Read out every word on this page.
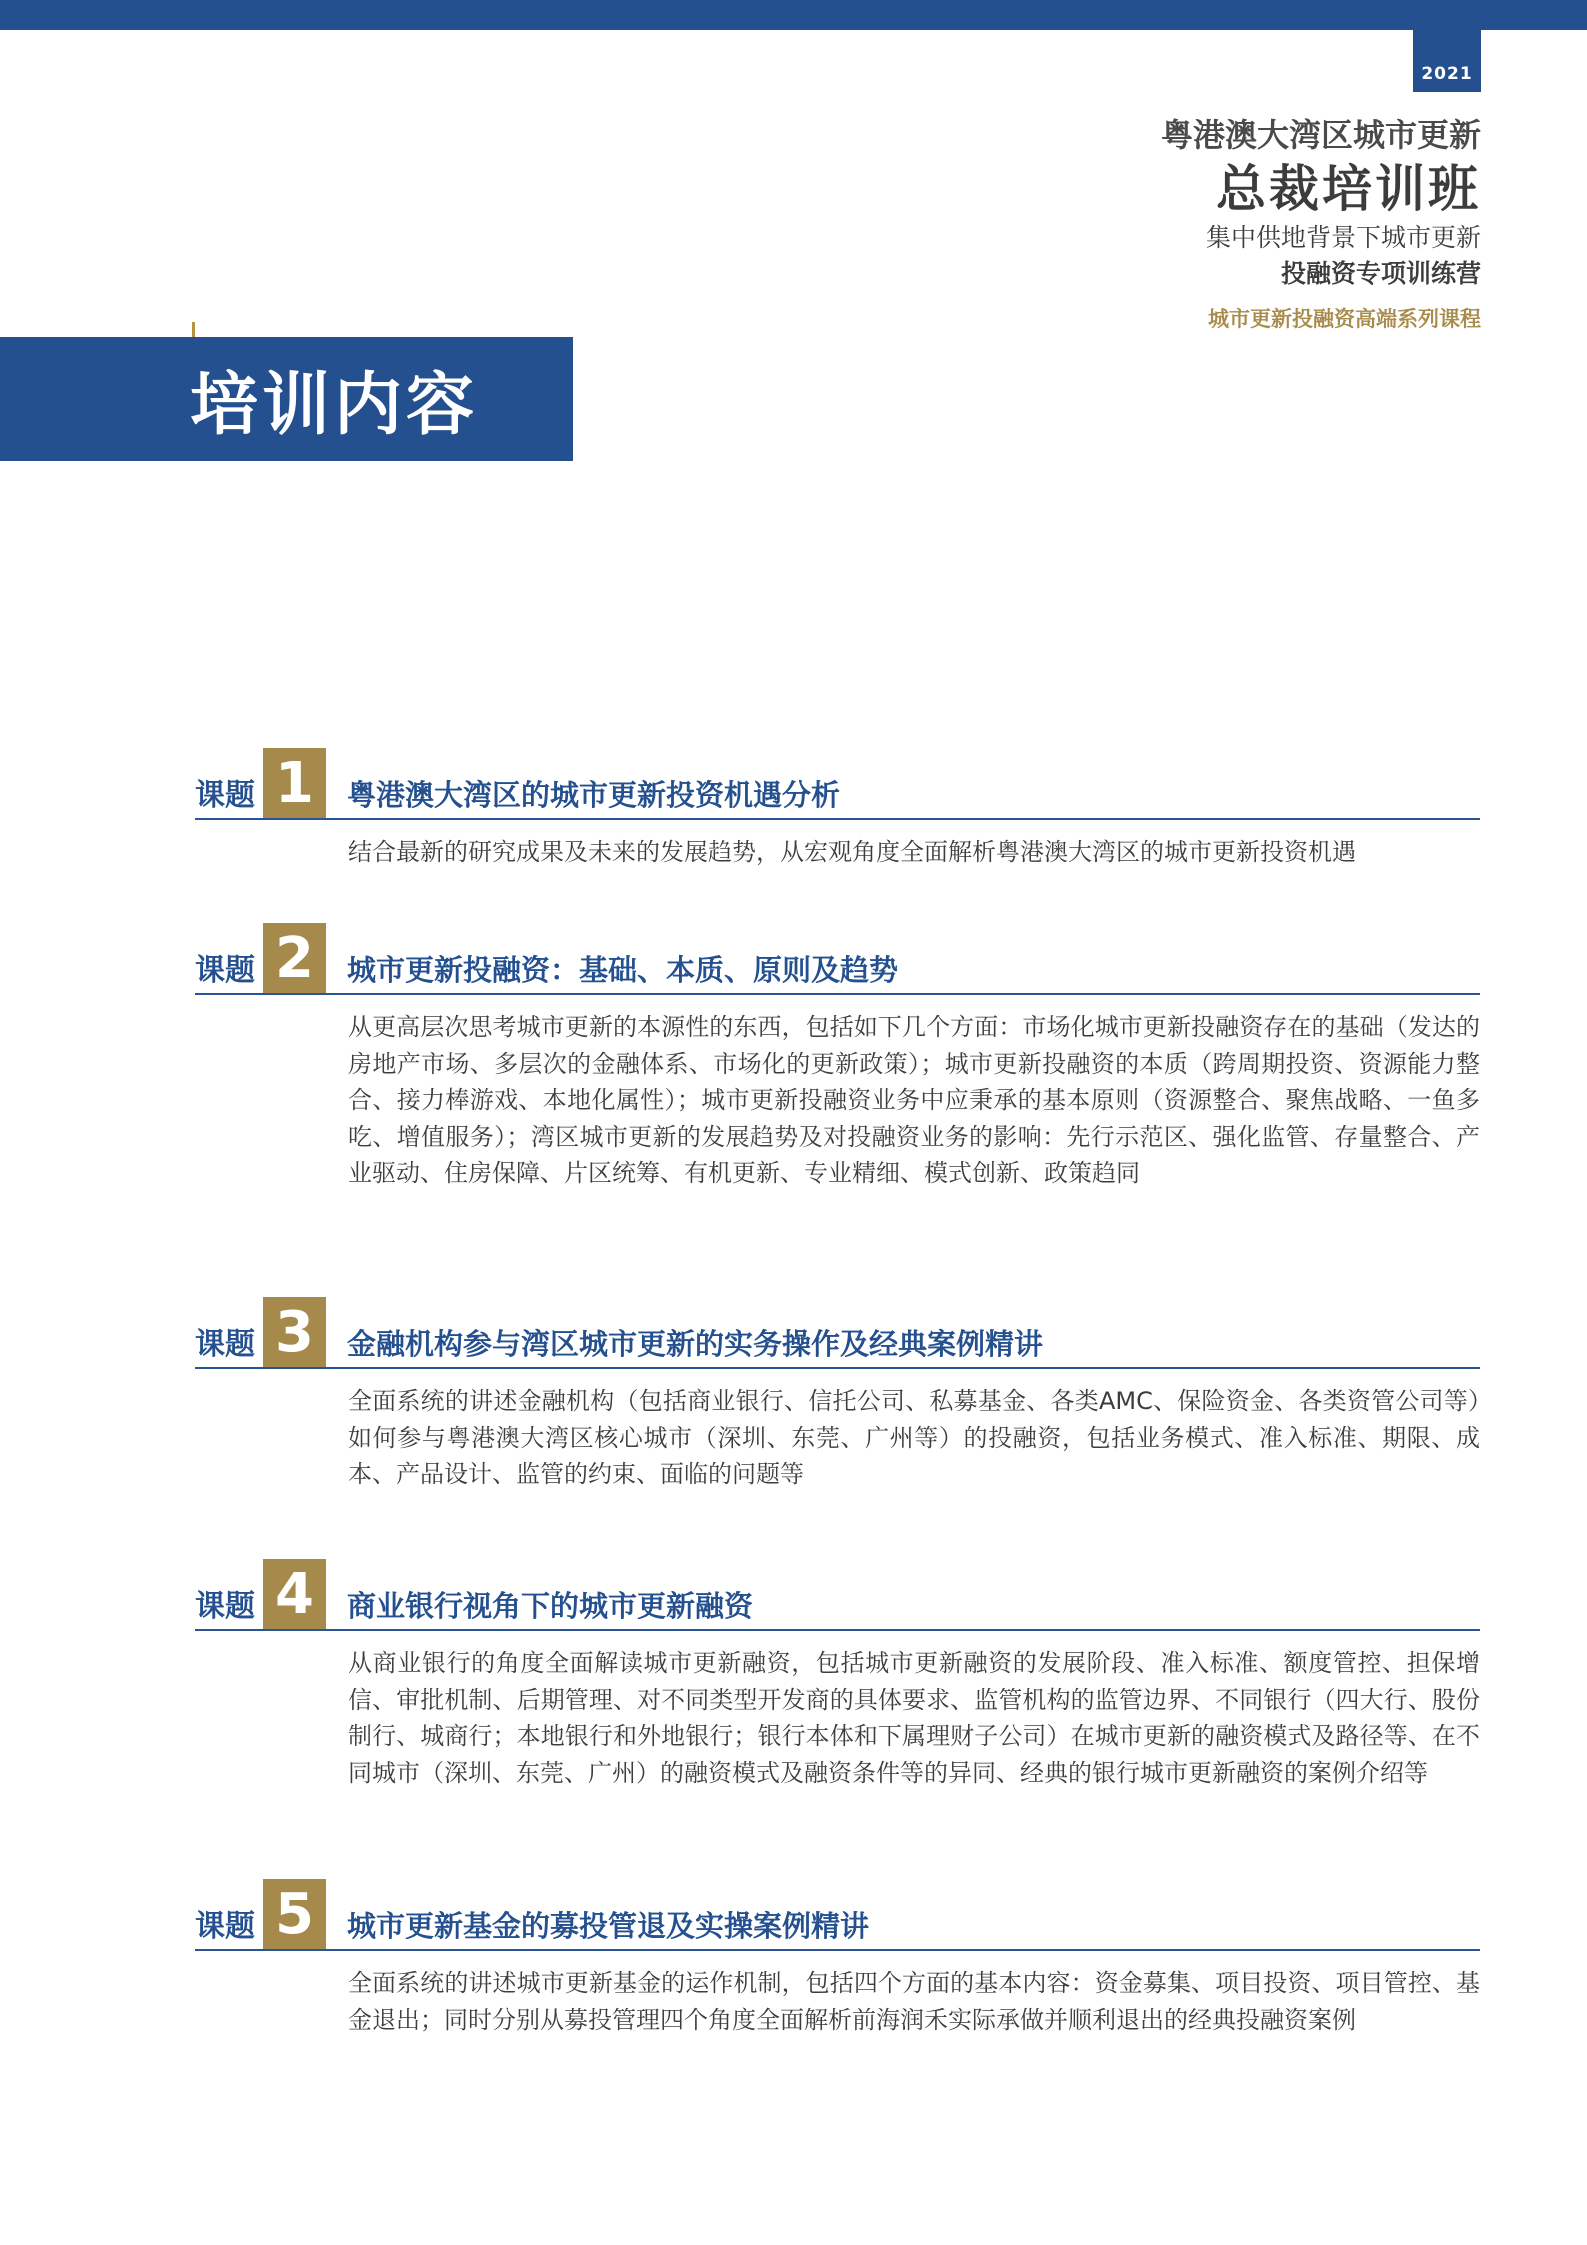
2021
粤港澳大湾区城市更新
总裁培训班
集中供地背景下城市更新
投融资专项训练营
城市更新投融资高端系列课程
培训内容
课题 1	粤港澳大湾区的城市更新投资机遇分析
结合最新的研究成果及未来的发展趋势，从宏观角度全面解析粤港澳大湾区的城市更新投资机遇
课题 2	城市更新投融资：基础、本质、原则及趋势
从更高层次思考城市更新的本源性的东西，包括如下几个方面：市场化城市更新投融资存在的基础（发达的房地产市场、多层次的金融体系、市场化的更新政策）；城市更新投融资的本质（跨周期投资、资源能力整合、接力棒游戏、本地化属性）；城市更新投融资业务中应秉承的基本原则（资源整合、聚焦战略、一鱼多吃、增值服务）；湾区城市更新的发展趋势及对投融资业务的影响：先行示范区、强化监管、存量整合、产业驱动、住房保障、片区统筹、有机更新、专业精细、模式创新、政策趋同
课题 3	金融机构参与湾区城市更新的实务操作及经典案例精讲
全面系统的讲述金融机构（包括商业银行、信托公司、私募基金、各类AMC、保险资金、各类资管公司等）如何参与粤港澳大湾区核心城市（深圳、东莞、广州等）的投融资，包括业务模式、准入标准、期限、成本、产品设计、监管的约束、面临的问题等
课题 4	商业银行视角下的城市更新融资
从商业银行的角度全面解读城市更新融资，包括城市更新融资的发展阶段、准入标准、额度管控、担保增信、审批机制、后期管理、对不同类型开发商的具体要求、监管机构的监管边界、不同银行（四大行、股份制行、城商行；本地银行和外地银行；银行本体和下属理财子公司）在城市更新的融资模式及路径等、在不同城市（深圳、东莞、广州）的融资模式及融资条件等的异同、经典的银行城市更新融资的案例介绍等
课题 5	城市更新基金的募投管退及实操案例精讲
全面系统的讲述城市更新基金的运作机制，包括四个方面的基本内容：资金募集、项目投资、项目管控、基金退出；同时分别从募投管理四个角度全面解析前海润禾实际承做并顺利退出的经典投融资案例
